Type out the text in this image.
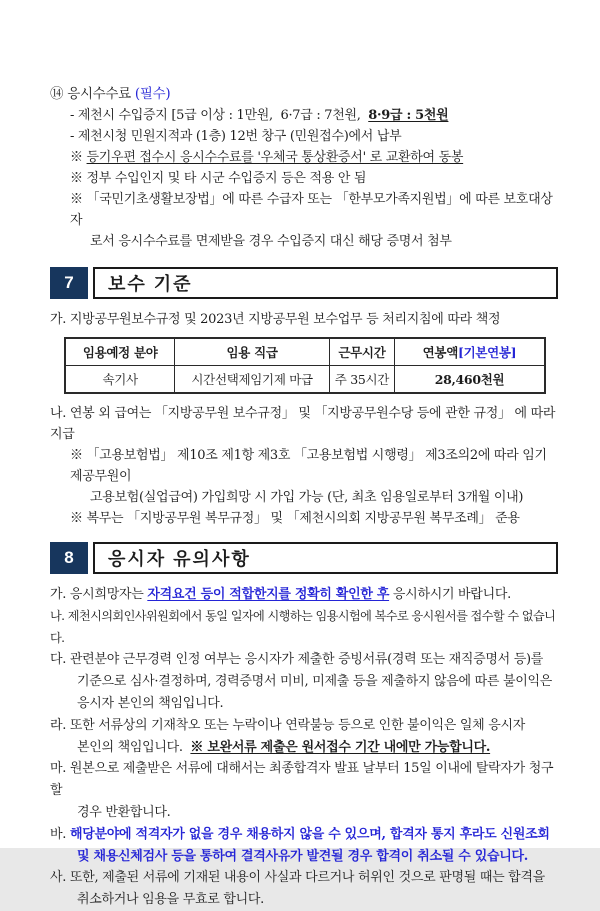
⑭ 응시수수료 (필수)
- 제천시 수입증지 [5급 이상 : 1만원,  6·7급 : 7천원,  8·9급 : 5천원
- 제천시청 민원지적과 (1층) 12번 창구 (민원접수)에서 납부
※ 등기우편 접수시 응시수수료를 '우체국 통상환증서' 로 교환하여 동봉
※ 정부 수입인지 및 타 시군 수입증지 등은 적용 안 됨
※ 「국민기초생활보장법」에 따른 수급자 또는 「한부모가족지원법」에 따른 보호대상자
로서 응시수수료를 면제받을 경우 수입증지 대신 해당 증명서 첨부
7	보수 기준
가. 지방공무원보수규정 및 2023년 지방공무원 보수업무 등 처리지침에 따라 책정
임용예정 분야	임용 직급	근무시간	연봉액[기본연봉]
속기사	시간선택제임기제 마급	주 35시간	28,460천원
나. 연봉 외 급여는 「지방공무원 보수규정」 및 「지방공무원수당 등에 관한 규정」 에 따라 지급
※ 「고용보험법」 제10조 제1항 제3호 「고용보험법 시행령」 제3조의2에 따라 임기제공무원이
고용보험(실업급여) 가입희망 시 가입 가능 (단, 최초 임용일로부터 3개월 이내)
※ 복무는 「지방공무원 복무규정」 및 「제천시의회 지방공무원 복무조례」 준용
8	응시자 유의사항
가. 응시희망자는 자격요건 등이 적합한지를 정확히 확인한 후 응시하시기 바랍니다.
나. 제천시의회인사위원회에서 동일 일자에 시행하는 임용시험에 복수로 응시원서를 접수할 수 없습니다.
다. 관련분야 근무경력 인정 여부는 응시자가 제출한 증빙서류(경력 또는 재직증명서 등)를
기준으로 심사·결정하며, 경력증명서 미비, 미제출 등을 제출하지 않음에 따른 불이익은
응시자 본인의 책임입니다.
라. 또한 서류상의 기재착오 또는 누락이나 연락불능 등으로 인한 불이익은 일체 응시자
본인의 책임입니다.  ※ 보완서류 제출은 원서접수 기간 내에만 가능합니다.
마. 원본으로 제출받은 서류에 대해서는 최종합격자 발표 날부터 15일 이내에 탈락자가 청구할
경우 반환합니다.
바. 해당분야에 적격자가 없을 경우 채용하지 않을 수 있으며, 합격자 통지 후라도 신원조회
및 채용신체검사 등을 통하여 결격사유가 발견될 경우 합격이 취소될 수 있습니다.
사. 또한, 제출된 서류에 기재된 내용이 사실과 다르거나 허위인 것으로 판명될 때는 합격을
취소하거나 임용을 무효로 합니다.
